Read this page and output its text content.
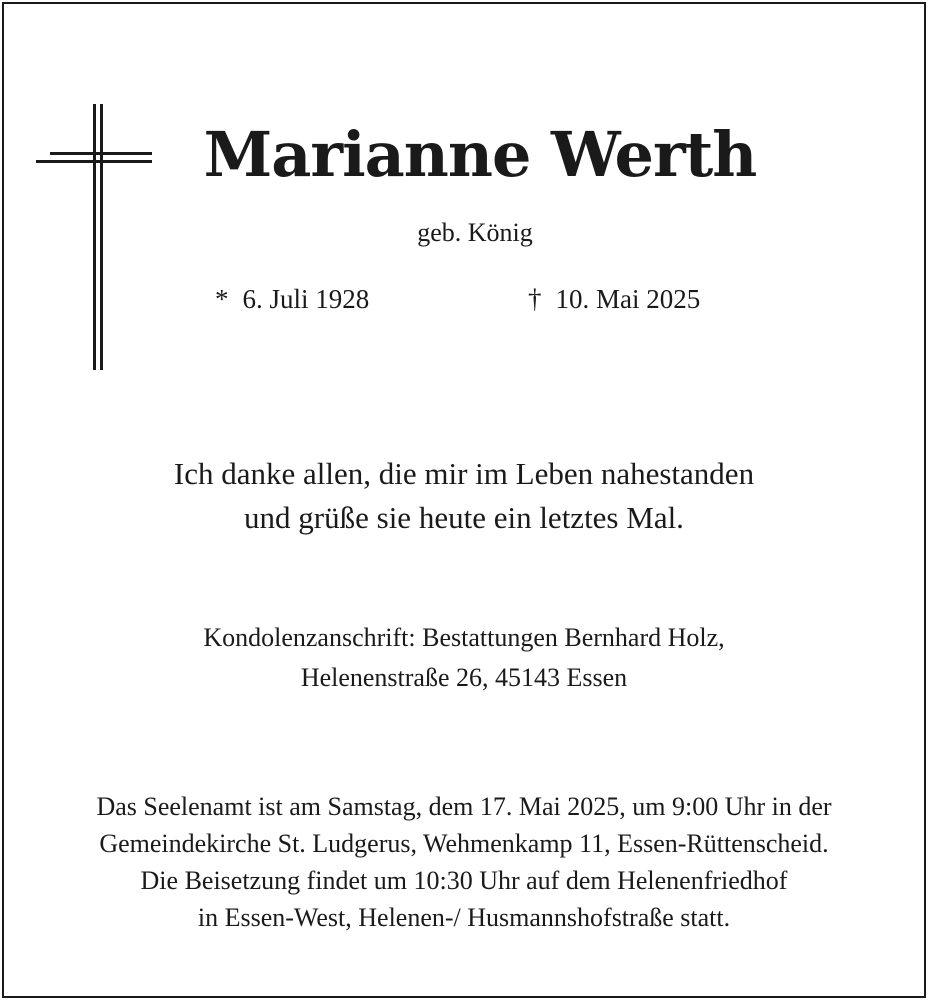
Marianne Werth
geb. König
* 6. Juli 1928	† 10. Mai 2025
Ich danke allen, die mir im Leben nahestanden
und grüße sie heute ein letztes Mal.
Kondolenzanschrift: Bestattungen Bernhard Holz,
Helenenstraße 26, 45143 Essen
Das Seelenamt ist am Samstag, dem 17. Mai 2025, um 9:00 Uhr in der
Gemeindekirche St. Ludgerus, Wehmenkamp 11, Essen-Rüttenscheid.
Die Beisetzung findet um 10:30 Uhr auf dem Helenenfriedhof
in Essen-West, Helenen-/ Husmannshofstraße statt.
